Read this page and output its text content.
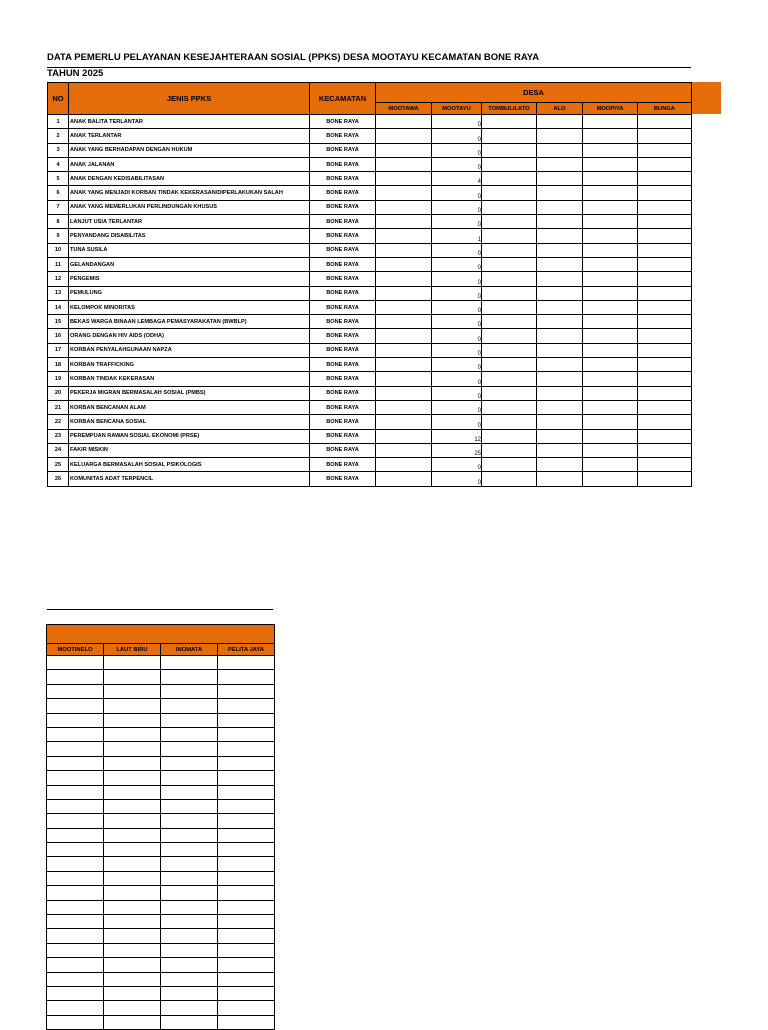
DATA PEMERLU PELAYANAN KESEJAHTERAAN SOSIAL (PPKS) DESA MOOTAYU KECAMATAN BONE RAYA
TAHUN 2025
NO	JENIS PPKS	KECAMATAN	DESA					
			MOOTAWA	MOOTAYU	TOMBULILATO	ALO	MOOPIYA	BUNGA
1	ANAK BALITA TERLANTAR	BONE RAYA		0				
2	ANAK TERLANTAR	BONE RAYA		0				
3	ANAK YANG BERHADAPAN DENGAN HUKUM	BONE RAYA		0				
4	ANAK JALANAN	BONE RAYA		0				
5	ANAK DENGAN KEDISABILITASAN	BONE RAYA		4				
6	ANAK YANG MENJADI KORBAN TINDAK KEKERASAN/DIPERLAKUKAN SALAH	BONE RAYA		0				
7	ANAK YANG MEMERLUKAN PERLINDUNGAN KHUSUS	BONE RAYA		0				
8	LANJUT USIA TERLANTAR	BONE RAYA		0				
9	PENYANDANG DISABILITAS	BONE RAYA		1				
10	TUNA SUSILA	BONE RAYA		0				
11	GELANDANGAN	BONE RAYA		0				
12	PENGEMIS	BONE RAYA		0				
13	PEMULUNG	BONE RAYA		0				
14	KELOMPOK MINORITAS	BONE RAYA		0				
15	BEKAS WARGA BINAAN LEMBAGA PEMASYARAKATAN (BWBLP)	BONE RAYA		0				
16	ORANG DENGAN HIV AIDS (ODHA)	BONE RAYA		0				
17	KORBAN PENYALAHGUNAAN NAPZA	BONE RAYA		0				
18	KORBAN TRAFFICKING	BONE RAYA		0				
19	KORBAN TINDAK KEKERASAN	BONE RAYA		0				
20	PEKERJA MIGRAN BERMASALAH SOSIAL (PMBS)	BONE RAYA		0				
21	KORBAN BENCANAN ALAM	BONE RAYA		0				
22	KORBAN BENCANA SOSIAL	BONE RAYA		0				
23	PEREMPUAN RAWAN SOSIAL EKONOMI (PRSE)	BONE RAYA		12				
24	FAKIR MISKIN	BONE RAYA		25				
25	KELUARGA BERMASALAH SOSIAL PSIKOLOGIS	BONE RAYA		0				
26	KOMUNITAS ADAT TERPENCIL	BONE RAYA		0				

MOOTINELO	LAUT BIRU	INOMATA	PELITA JAYA
